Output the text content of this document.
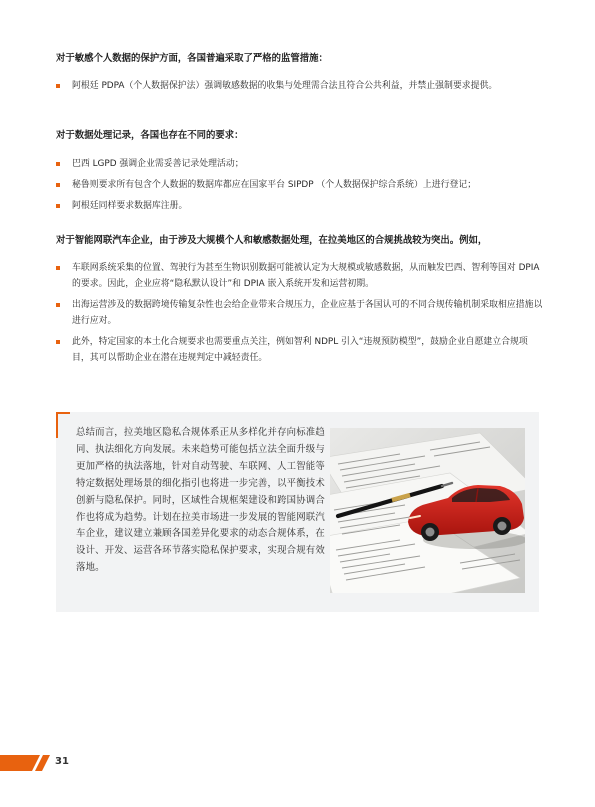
对于敏感个人数据的保护方面，各国普遍采取了严格的监管措施：
阿根廷 PDPA（个人数据保护法）强调敏感数据的收集与处理需合法且符合公共利益，并禁止强制要求提供。
对于数据处理记录，各国也存在不同的要求：
巴西 LGPD 强调企业需妥善记录处理活动；
秘鲁则要求所有包含个人数据的数据库都应在国家平台 SIPDP （个人数据保护综合系统）上进行登记；
阿根廷同样要求数据库注册。
对于智能网联汽车企业，由于涉及大规模个人和敏感数据处理，在拉美地区的合规挑战较为突出。例如，
车联网系统采集的位置、驾驶行为甚至生物识别数据可能被认定为大规模或敏感数据，从而触发巴西、智利等国对 DPIA 的要求。因此，企业应将“隐私默认设计”和 DPIA 嵌入系统开发和运营初期。
出海运营涉及的数据跨境传输复杂性也会给企业带来合规压力，企业应基于各国认可的不同合规传输机制采取相应措施以进行应对。
此外，特定国家的本土化合规要求也需要重点关注，例如智利 NDPL 引入“违规预防模型”，鼓励企业自愿建立合规项目，其可以帮助企业在潜在违规判定中减轻责任。
总结而言，拉美地区隐私合规体系正从多样化并存向标准趋同、执法细化方向发展。未来趋势可能包括立法全面升级与更加严格的执法落地，针对自动驾驶、车联网、人工智能等特定数据处理场景的细化指引也将进一步完善，以平衡技术创新与隐私保护。同时，区域性合规框架建设和跨国协调合作也将成为趋势。计划在拉美市场进一步发展的智能网联汽车企业，建议建立兼顾各国差异化要求的动态合规体系，在设计、开发、运营各环节落实隐私保护要求，实现合规有效落地。
31
